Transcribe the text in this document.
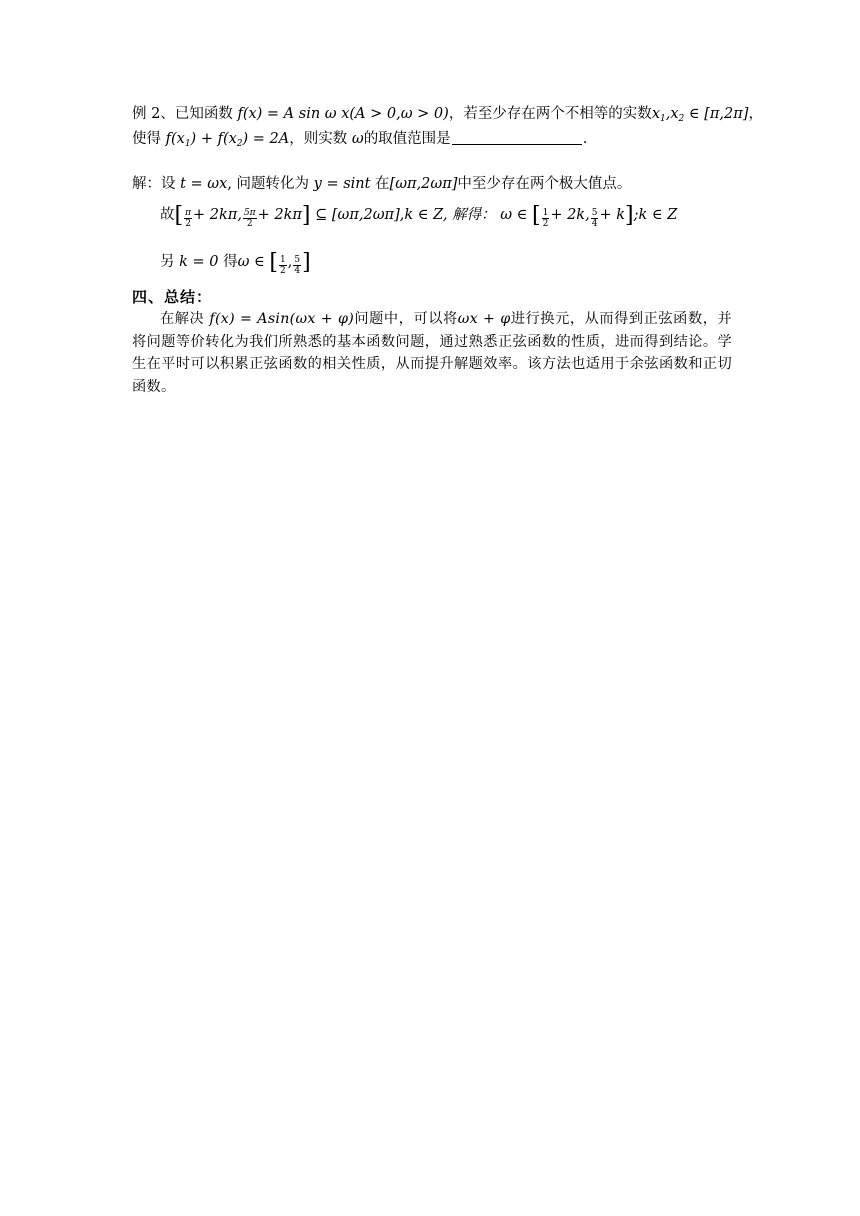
例 2、已知函数 f(x) = A sin ω x(A > 0,ω > 0)，若至少存在两个不相等的实数$x_1,x_2$ ∈ [π,2π]，
使得 $f(x_1) + f(x_2) = 2A$，则实数 ω的取值范围是	.
解：设 t = ωx, 问题转化为 y = sint 在[ωπ,2ωπ]中至少存在两个极大值点。
故[ $\frac{\pi}{2} + 2k\pi$, $\frac{5\pi}{2} + 2k\pi$] ⊆ [ωπ,2ωπ],k ∈ Z, 解得： ω ∈ [ $\frac{1}{2} + 2k$, $\frac{5}{4}$ + k];k ∈ Z
另 k = 0 得ω ∈ [ $\frac{1}{2}$ , $\frac{5}{4}$ ]
四、总结：
在解决 f(x) = Asin(ωx + φ)问题中，可以将ωx + φ进行换元，从而得到正弦函数，并将问题等价转化为我们所熟悉的基本函数问题，通过熟悉正弦函数的性质，进而得到结论。学生在平时可以积累正弦函数的相关性质，从而提升解题效率。该方法也适用于余弦函数和正切函数。
